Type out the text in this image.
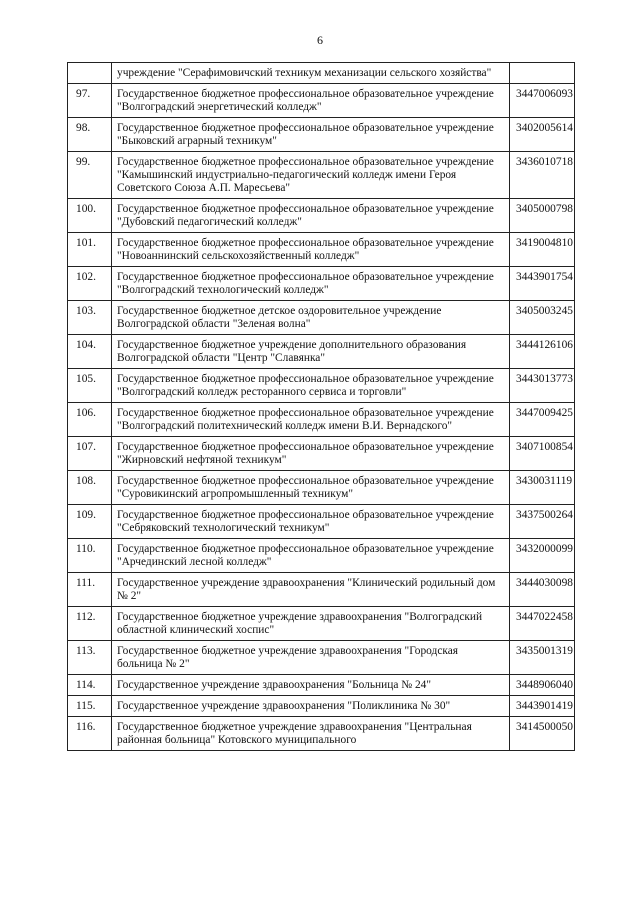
6
	учреждение "Серафимовичский техникум механизации сельского хозяйства"	
97.	Государственное бюджетное профессиональное образовательное учреждение "Волгоградский энергетический колледж"	3447006093
98.	Государственное бюджетное профессиональное образовательное учреждение "Быковский аграрный техникум"	3402005614
99.	Государственное бюджетное профессиональное образовательное учреждение "Камышинский индустриально-педагогический колледж имени Героя Советского Союза А.П. Маресьева"	3436010718
100.	Государственное бюджетное профессиональное образовательное учреждение "Дубовский педагогический колледж"	3405000798
101.	Государственное бюджетное профессиональное образовательное учреждение "Новоаннинский сельскохозяйственный колледж"	3419004810
102.	Государственное бюджетное профессиональное образовательное учреждение "Волгоградский технологический колледж"	3443901754
103.	Государственное бюджетное детское оздоровительное учреждение Волгоградской области "Зеленая волна"	3405003245
104.	Государственное бюджетное учреждение дополнительного образования Волгоградской области "Центр "Славянка"	3444126106
105.	Государственное бюджетное профессиональное образовательное учреждение "Волгоградский колледж ресторанного сервиса и торговли"	3443013773
106.	Государственное бюджетное профессиональное образовательное учреждение "Волгоградский политехнический колледж имени В.И. Вернадского"	3447009425
107.	Государственное бюджетное профессиональное образовательное учреждение "Жирновский нефтяной техникум"	3407100854
108.	Государственное бюджетное профессиональное образовательное учреждение "Суровикинский агропромышленный техникум"	3430031119
109.	Государственное бюджетное профессиональное образовательное учреждение "Себряковский технологический техникум"	3437500264
110.	Государственное бюджетное профессиональное образовательное учреждение "Арчединский лесной колледж"	3432000099
111.	Государственное учреждение здравоохранения "Клинический родильный дом № 2"	3444030098
112.	Государственное бюджетное учреждение здравоохранения "Волгоградский областной клинический хоспис"	3447022458
113.	Государственное бюджетное учреждение здравоохранения "Городская больница № 2"	3435001319
114.	Государственное учреждение здравоохранения "Больница № 24"	3448906040
115.	Государственное учреждение здравоохранения "Поликлиника № 30"	3443901419
116.	Государственное бюджетное учреждение здравоохранения "Центральная районная больница" Котовского муниципального	3414500050
